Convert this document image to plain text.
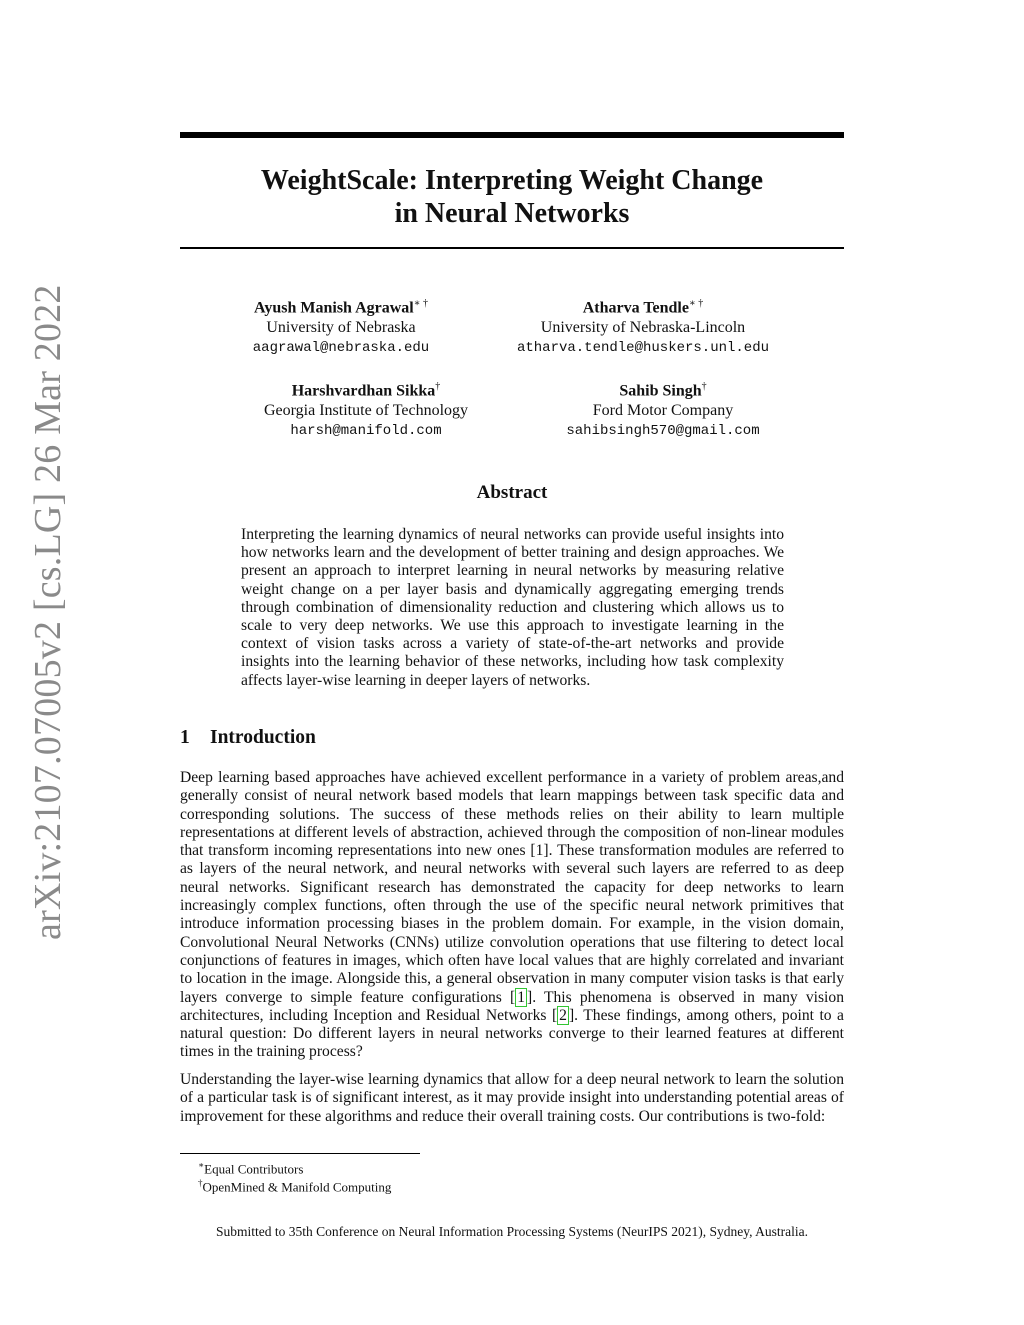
arXiv:2107.07005v2 [cs.LG] 26 Mar 2022
WeightScale: Interpreting Weight Change
in Neural Networks
Ayush Manish Agrawal∗ †
University of Nebraska
aagrawal@nebraska.edu
Atharva Tendle∗ †
University of Nebraska-Lincoln
atharva.tendle@huskers.unl.edu
Harshvardhan Sikka†
Georgia Institute of Technology
harsh@manifold.com
Sahib Singh†
Ford Motor Company
sahibsingh570@gmail.com
Abstract
Interpreting the learning dynamics of neural networks can provide useful insights into how networks learn and the development of better training and design approaches. We present an approach to interpret learning in neural networks by measuring relative weight change on a per layer basis and dynamically aggregating emerging trends through combination of dimensionality reduction and clustering which allows us to scale to very deep networks. We use this approach to investigate learning in the context of vision tasks across a variety of state-of-the-art networks and provide insights into the learning behavior of these networks, including how task complexity affects layer-wise learning in deeper layers of networks.
1 Introduction
Deep learning based approaches have achieved excellent performance in a variety of problem areas,and generally consist of neural network based models that learn mappings between task specific data and corresponding solutions. The success of these methods relies on their ability to learn multiple representations at different levels of abstraction, achieved through the composition of non-linear modules that transform incoming representations into new ones [1]. These transformation modules are referred to as layers of the neural network, and neural networks with several such layers are referred to as deep neural networks. Significant research has demonstrated the capacity for deep networks to learn increasingly complex functions, often through the use of the specific neural network primitives that introduce information processing biases in the problem domain. For example, in the vision domain, Convolutional Neural Networks (CNNs) utilize convolution operations that use filtering to detect local conjunctions of features in images, which often have local values that are highly correlated and invariant to location in the image. Alongside this, a general observation in many computer vision tasks is that early layers converge to simple feature configurations [ 1 ]. This phenomena is observed in many vision architectures, including Inception and Residual Networks [ 2 ]. These findings, among others, point to a natural question: Do different layers in neural networks converge to their learned features at different times in the training process?
Understanding the layer-wise learning dynamics that allow for a deep neural network to learn the solution of a particular task is of significant interest, as it may provide insight into understanding potential areas of improvement for these algorithms and reduce their overall training costs. Our contributions is two-fold:
∗Equal Contributors
†OpenMined & Manifold Computing
Submitted to 35th Conference on Neural Information Processing Systems (NeurIPS 2021), Sydney, Australia.
